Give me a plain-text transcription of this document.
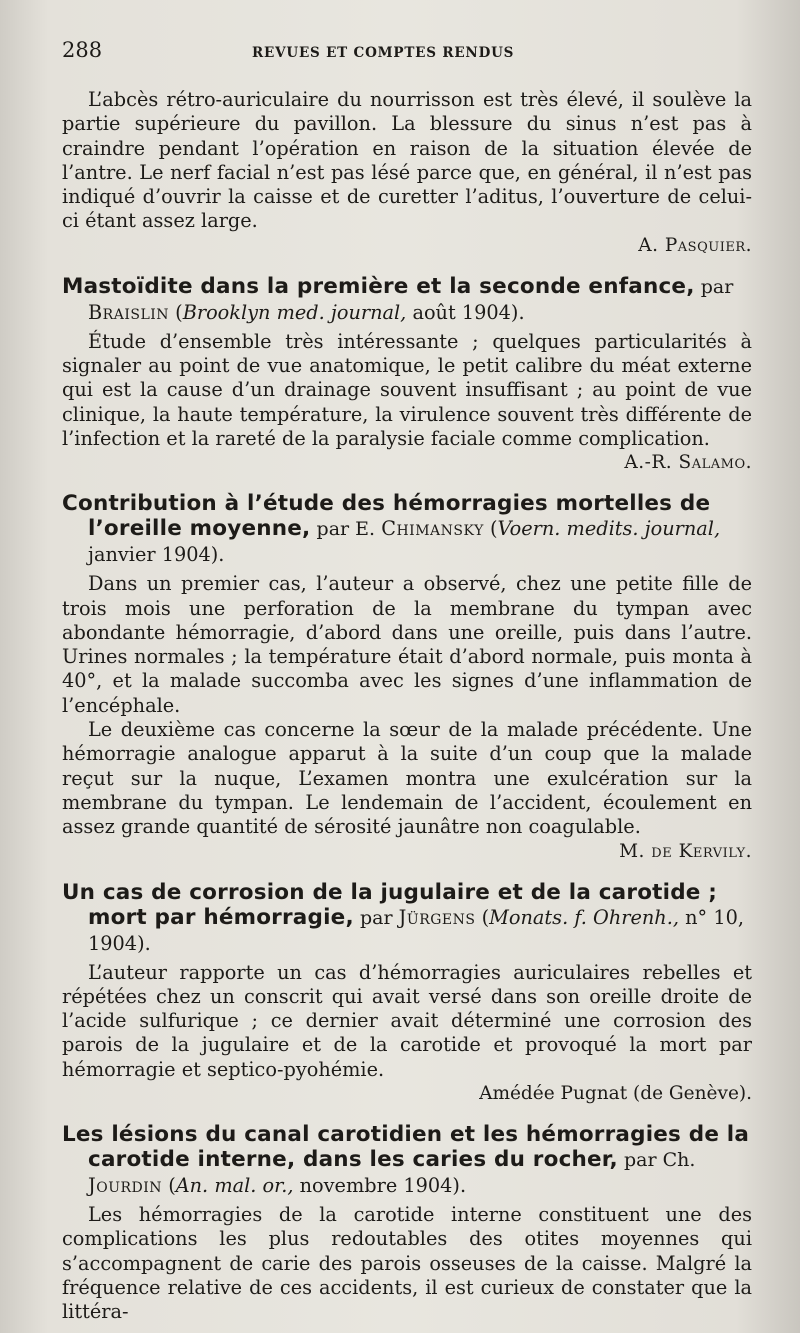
288	REVUES ET COMPTES RENDUS

L’abcès rétro-auriculaire du nourrisson est très élevé, il soulève la partie supérieure du pavillon. La blessure du sinus n’est pas à craindre pendant l’opération en raison de la situation élevée de l’antre. Le nerf facial n’est pas lésé parce que, en général, il n’est pas indiqué d’ouvrir la caisse et de curetter l’aditus, l’ouverture de celui-ci étant assez large.

A. Pasquier.

Mastoïdite dans la première et la seconde enfance, par Braislin (Brooklyn med. journal, août 1904).

Étude d’ensemble très intéressante ; quelques particularités à signaler au point de vue anatomique, le petit calibre du méat externe qui est la cause d’un drainage souvent insuffisant ; au point de vue clinique, la haute température, la virulence souvent très différente de l’infection et la rareté de la paralysie faciale comme complication.

A.-R. Salamo.

Contribution à l’étude des hémorragies mortelles de l’oreille moyenne, par E. Chimansky (Voern. medits. journal, janvier 1904).

Dans un premier cas, l’auteur a observé, chez une petite fille de trois mois une perforation de la membrane du tympan avec abondante hémorragie, d’abord dans une oreille, puis dans l’autre. Urines normales ; la température était d’abord normale, puis monta à 40°, et la malade succomba avec les signes d’une inflammation de l’encéphale.

Le deuxième cas concerne la sœur de la malade précédente. Une hémorragie analogue apparut à la suite d’un coup que la malade reçut sur la nuque, L’examen montra une exulcération sur la membrane du tympan. Le lendemain de l’accident, écoulement en assez grande quantité de sérosité jaunâtre non coagulable.

M. de Kervily.

Un cas de corrosion de la jugulaire et de la carotide ; mort par hémorragie, par Jürgens (Monats. f. Ohrenh., n° 10, 1904).

L’auteur rapporte un cas d’hémorragies auriculaires rebelles et répétées chez un conscrit qui avait versé dans son oreille droite de l’acide sulfurique ; ce dernier avait déterminé une corrosion des parois de la jugulaire et de la carotide et provoqué la mort par hémorragie et septico-pyohémie.

Amédée Pugnat (de Genève).

Les lésions du canal carotidien et les hémorragies de la carotide interne, dans les caries du rocher, par Ch. Jourdin (An. mal. or., novembre 1904).

Les hémorragies de la carotide interne constituent une des complications les plus redoutables des otites moyennes qui s’accompagnent de carie des parois osseuses de la caisse. Malgré la fréquence relative de ces accidents, il est curieux de constater que la littéra-
